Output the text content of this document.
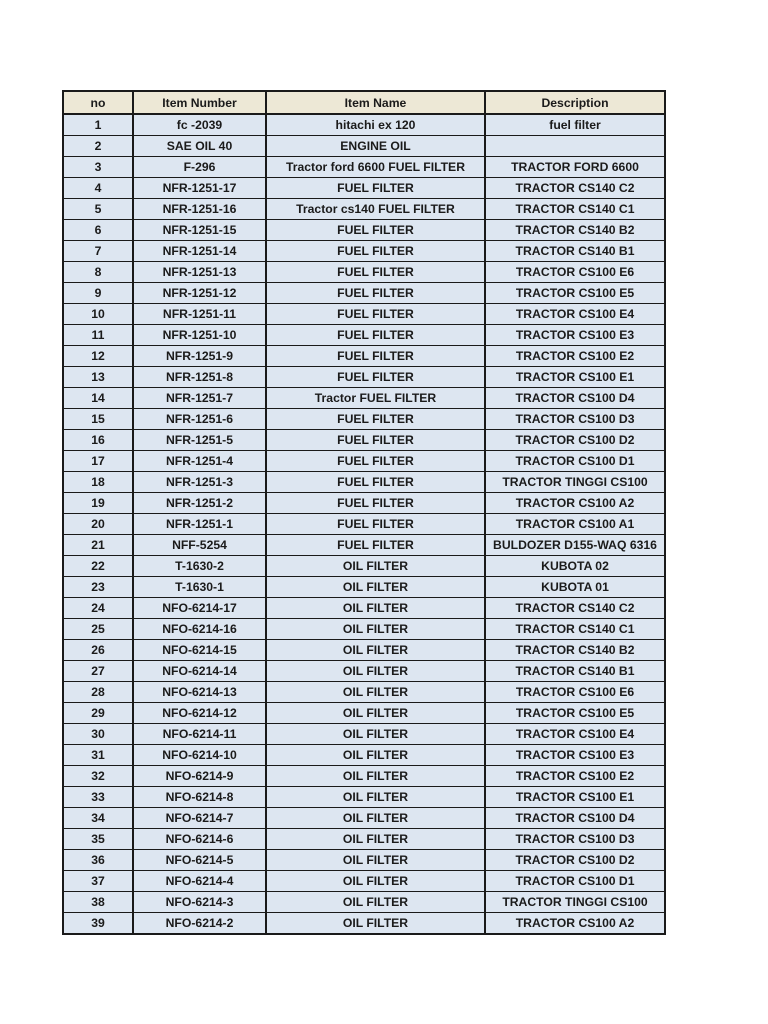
no	Item Number	Item Name	Description
1	fc -2039	hitachi ex 120	fuel filter
2	SAE OIL 40	ENGINE OIL	
3	F-296	Tractor ford 6600 FUEL FILTER	TRACTOR FORD 6600
4	NFR-1251-17	FUEL FILTER	TRACTOR CS140 C2
5	NFR-1251-16	Tractor cs140 FUEL FILTER	TRACTOR CS140 C1
6	NFR-1251-15	FUEL FILTER	TRACTOR CS140 B2
7	NFR-1251-14	FUEL FILTER	TRACTOR CS140 B1
8	NFR-1251-13	FUEL FILTER	TRACTOR CS100 E6
9	NFR-1251-12	FUEL FILTER	TRACTOR CS100 E5
10	NFR-1251-11	FUEL FILTER	TRACTOR CS100 E4
11	NFR-1251-10	FUEL FILTER	TRACTOR CS100 E3
12	NFR-1251-9	FUEL FILTER	TRACTOR CS100 E2
13	NFR-1251-8	FUEL FILTER	TRACTOR CS100 E1
14	NFR-1251-7	Tractor FUEL FILTER	TRACTOR CS100 D4
15	NFR-1251-6	FUEL FILTER	TRACTOR CS100 D3
16	NFR-1251-5	FUEL FILTER	TRACTOR CS100 D2
17	NFR-1251-4	FUEL FILTER	TRACTOR CS100 D1
18	NFR-1251-3	FUEL FILTER	TRACTOR TINGGI CS100
19	NFR-1251-2	FUEL FILTER	TRACTOR CS100 A2
20	NFR-1251-1	FUEL FILTER	TRACTOR CS100 A1
21	NFF-5254	FUEL FILTER	BULDOZER D155-WAQ 6316
22	T-1630-2	OIL FILTER	KUBOTA 02
23	T-1630-1	OIL FILTER	KUBOTA 01
24	NFO-6214-17	OIL FILTER	TRACTOR CS140 C2
25	NFO-6214-16	OIL FILTER	TRACTOR CS140 C1
26	NFO-6214-15	OIL FILTER	TRACTOR CS140 B2
27	NFO-6214-14	OIL FILTER	TRACTOR CS140 B1
28	NFO-6214-13	OIL FILTER	TRACTOR CS100 E6
29	NFO-6214-12	OIL FILTER	TRACTOR CS100 E5
30	NFO-6214-11	OIL FILTER	TRACTOR CS100 E4
31	NFO-6214-10	OIL FILTER	TRACTOR CS100 E3
32	NFO-6214-9	OIL FILTER	TRACTOR CS100 E2
33	NFO-6214-8	OIL FILTER	TRACTOR CS100 E1
34	NFO-6214-7	OIL FILTER	TRACTOR CS100 D4
35	NFO-6214-6	OIL FILTER	TRACTOR CS100 D3
36	NFO-6214-5	OIL FILTER	TRACTOR CS100 D2
37	NFO-6214-4	OIL FILTER	TRACTOR CS100 D1
38	NFO-6214-3	OIL FILTER	TRACTOR TINGGI CS100
39	NFO-6214-2	OIL FILTER	TRACTOR CS100 A2
